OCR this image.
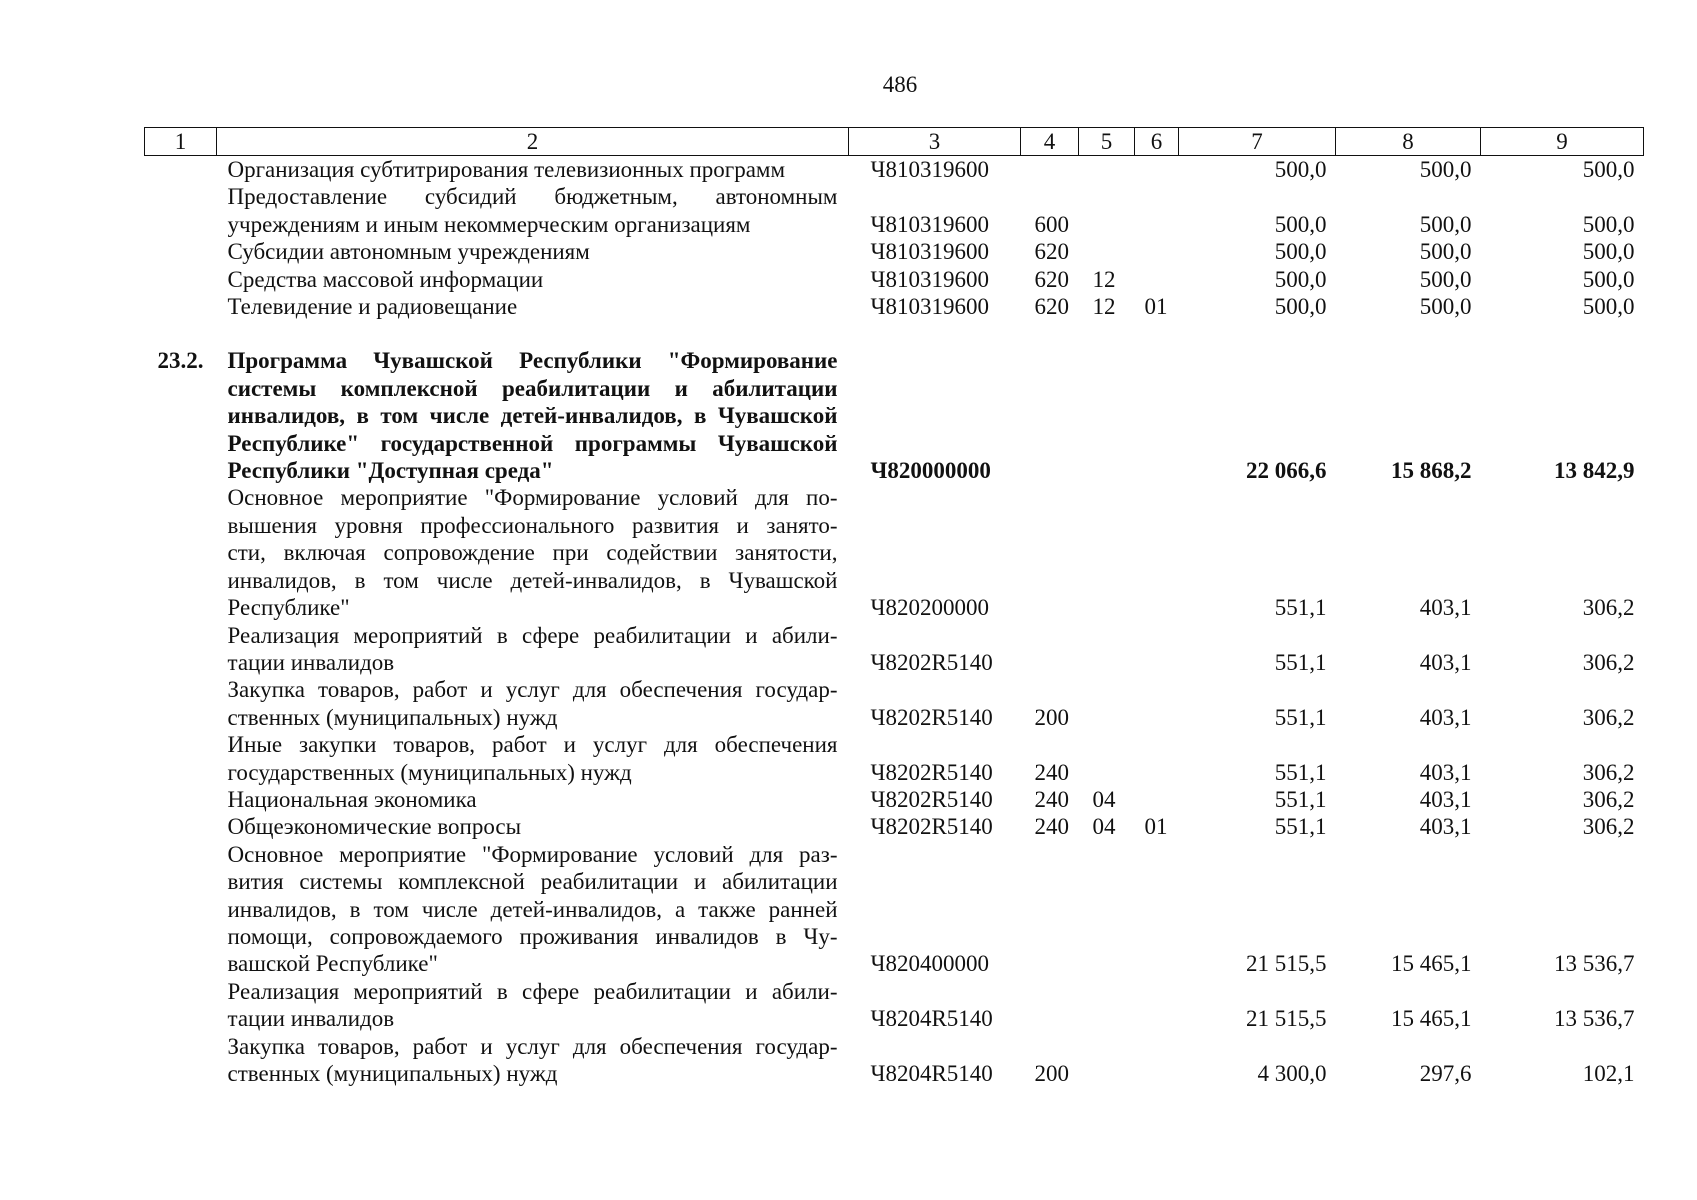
486
1	2	3	4	5	6	7	8	9

	Организация субтитрирования телевизионных программ	Ч810319600				500,0	500,0	500,0

	Предоставление субсидий бюджетным, автономным
учреждениям и иным некоммерческим организациям	Ч810319600	600			500,0	500,0	500,0

	Субсидии автономным учреждениям	Ч810319600	620			500,0	500,0	500,0

	Средства массовой информации	Ч810319600	620	12		500,0	500,0	500,0

	Телевидение и радиовещание	Ч810319600	620	12	01	500,0	500,0	500,0

23.2.	Программа Чувашской Республики "Формирование
системы комплексной реабилитации и абилитации
инвалидов, в том числе детей-инвалидов, в Чувашской
Республике" государственной программы Чувашской
Республики "Доступная среда"	Ч820000000				22 066,6	15 868,2	13 842,9

	Основное мероприятие "Формирование условий для по-
вышения уровня профессионального развития и занято-
сти, включая сопровождение при содействии занятости,
инвалидов, в том числе детей-инвалидов, в Чувашской
Республике"	Ч820200000				551,1	403,1	306,2

	Реализация мероприятий в сфере реабилитации и абили-
тации инвалидов	Ч8202R5140				551,1	403,1	306,2

	Закупка товаров, работ и услуг для обеспечения государ-
ственных (муниципальных) нужд	Ч8202R5140	200			551,1	403,1	306,2

	Иные закупки товаров, работ и услуг для обеспечения
государственных (муниципальных) нужд	Ч8202R5140	240			551,1	403,1	306,2

	Национальная экономика	Ч8202R5140	240	04		551,1	403,1	306,2

	Общеэкономические вопросы	Ч8202R5140	240	04	01	551,1	403,1	306,2

	Основное мероприятие "Формирование условий для раз-
вития системы комплексной реабилитации и абилитации
инвалидов, в том числе детей-инвалидов, а также ранней
помощи, сопровождаемого проживания инвалидов в Чу-
вашской Республике"	Ч820400000				21 515,5	15 465,1	13 536,7

	Реализация мероприятий в сфере реабилитации и абили-
тации инвалидов	Ч8204R5140				21 515,5	15 465,1	13 536,7

	Закупка товаров, работ и услуг для обеспечения государ-
ственных (муниципальных) нужд	Ч8204R5140	200			4 300,0	297,6	102,1
